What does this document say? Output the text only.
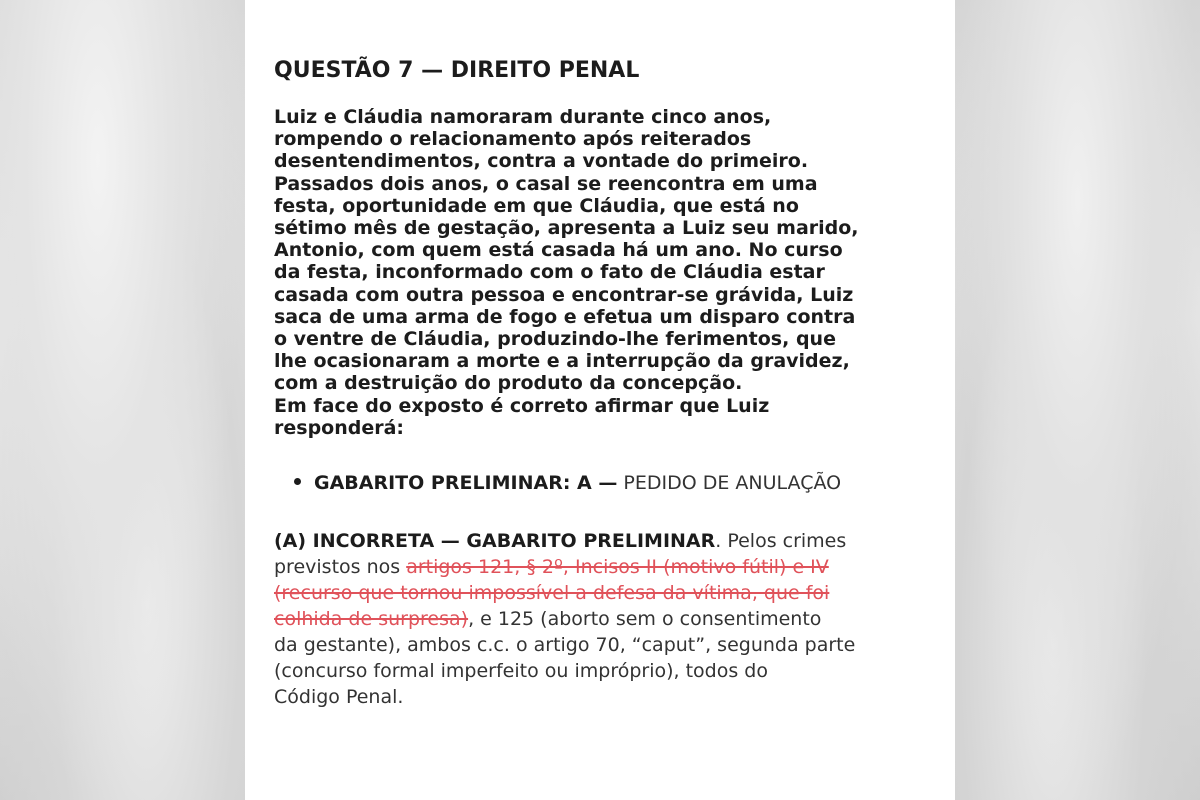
QUESTÃO 7 — DIREITO PENAL
Luiz e Cláudia namoraram durante cinco anos,
rompendo o relacionamento após reiterados
desentendimentos, contra a vontade do primeiro.
Passados dois anos, o casal se reencontra em uma
festa, oportunidade em que Cláudia, que está no
sétimo mês de gestação, apresenta a Luiz seu marido,
Antonio, com quem está casada há um ano. No curso
da festa, inconformado com o fato de Cláudia estar
casada com outra pessoa e encontrar-se grávida, Luiz
saca de uma arma de fogo e efetua um disparo contra
o ventre de Cláudia, produzindo-lhe ferimentos, que
lhe ocasionaram a morte e a interrupção da gravidez,
com a destruição do produto da concepção.
Em face do exposto é correto afirmar que Luiz
responderá:
GABARITO PRELIMINAR: A — PEDIDO DE ANULAÇÃO
(A) INCORRETA — GABARITO PRELIMINAR. Pelos crimes
previstos nos artigos 121, § 2º, Incisos II (motivo fútil) e IV
(recurso que tornou impossível a defesa da vítima, que foi
colhida de surpresa), e 125 (aborto sem o consentimento
da gestante), ambos c.c. o artigo 70, “caput”, segunda parte
(concurso formal imperfeito ou impróprio), todos do
Código Penal.
